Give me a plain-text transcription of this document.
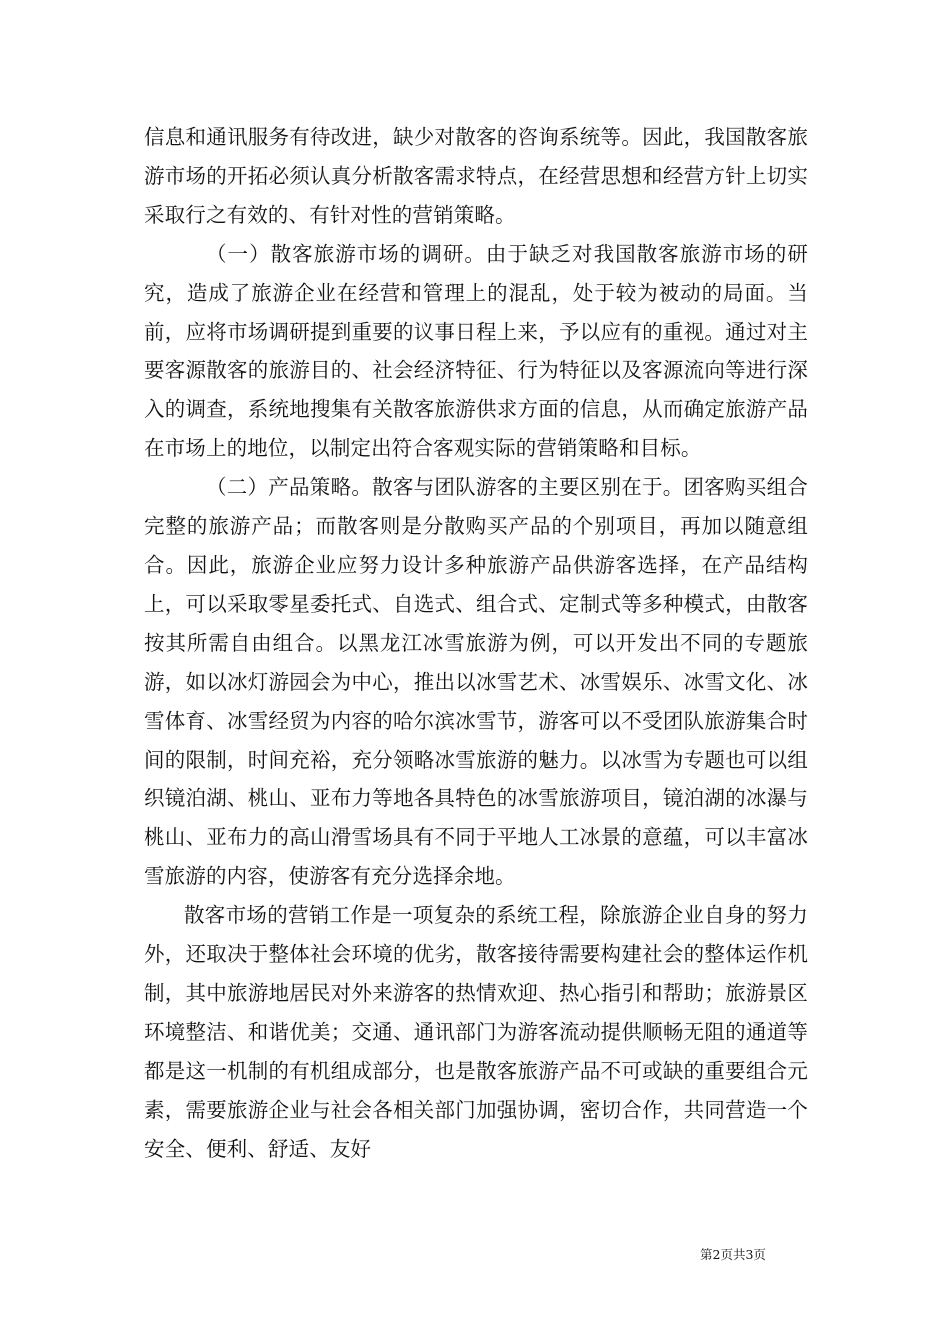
信息和通讯服务有待改进，缺少对散客的咨询系统等。因此，我国散客旅游市场的开拓必须认真分析散客需求特点，在经营思想和经营方针上切实采取行之有效的、有针对性的营销策略。

（一）散客旅游市场的调研。由于缺乏对我国散客旅游市场的研究，造成了旅游企业在经营和管理上的混乱，处于较为被动的局面。当前，应将市场调研提到重要的议事日程上来，予以应有的重视。通过对主要客源散客的旅游目的、社会经济特征、行为特征以及客源流向等进行深入的调查，系统地搜集有关散客旅游供求方面的信息，从而确定旅游产品在市场上的地位，以制定出符合客观实际的营销策略和目标。

（二）产品策略。散客与团队游客的主要区别在于。团客购买组合完整的旅游产品；而散客则是分散购买产品的个别项目，再加以随意组合。因此，旅游企业应努力设计多种旅游产品供游客选择，在产品结构上，可以采取零星委托式、自选式、组合式、定制式等多种模式，由散客按其所需自由组合。以黑龙江冰雪旅游为例，可以开发出不同的专题旅游，如以冰灯游园会为中心，推出以冰雪艺术、冰雪娱乐、冰雪文化、冰雪体育、冰雪经贸为内容的哈尔滨冰雪节，游客可以不受团队旅游集合时间的限制，时间充裕，充分领略冰雪旅游的魅力。以冰雪为专题也可以组织镜泊湖、桃山、亚布力等地各具特色的冰雪旅游项目，镜泊湖的冰瀑与桃山、亚布力的高山滑雪场具有不同于平地人工冰景的意蕴，可以丰富冰雪旅游的内容，使游客有充分选择余地。

散客市场的营销工作是一项复杂的系统工程，除旅游企业自身的努力外，还取决于整体社会环境的优劣，散客接待需要构建社会的整体运作机制，其中旅游地居民对外来游客的热情欢迎、热心指引和帮助；旅游景区环境整洁、和谐优美；交通、通讯部门为游客流动提供顺畅无阻的通道等都是这一机制的有机组成部分，也是散客旅游产品不可或缺的重要组合元素，需要旅游企业与社会各相关部门加强协调，密切合作，共同营造一个安全、便利、舒适、友好

第2页共3页
